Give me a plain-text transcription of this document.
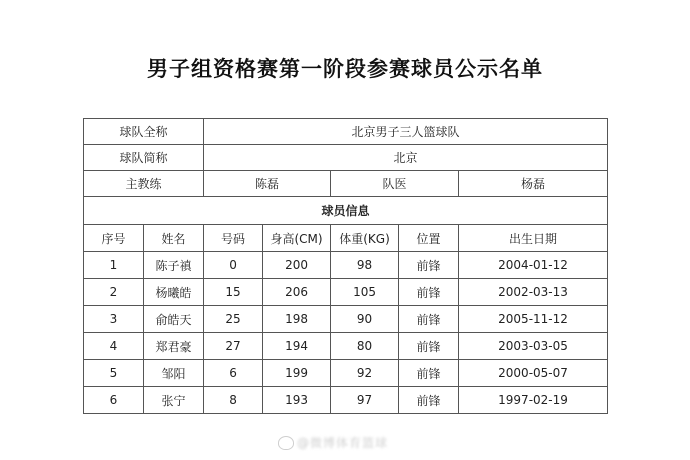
男子组资格赛第一阶段参赛球员公示名单
球队全称		北京男子三人篮球队				
球队简称		北京				
主教练		陈磊		队医		杨磊
球员信息						
序号	姓名	号码	身高(CM)	体重(KG)	位置	出生日期
1	陈子禛	0	200	98	前锋	2004-01-12
2	杨曦皓	15	206	105	前锋	2002-03-13
3	俞皓天	25	198	90	前锋	2005-11-12
4	郑君豪	27	194	80	前锋	2003-03-05
5	邹阳	6	199	92	前锋	2000-05-07
6	张宁	8	193	97	前锋	1997-02-19
@微博体育篮球
